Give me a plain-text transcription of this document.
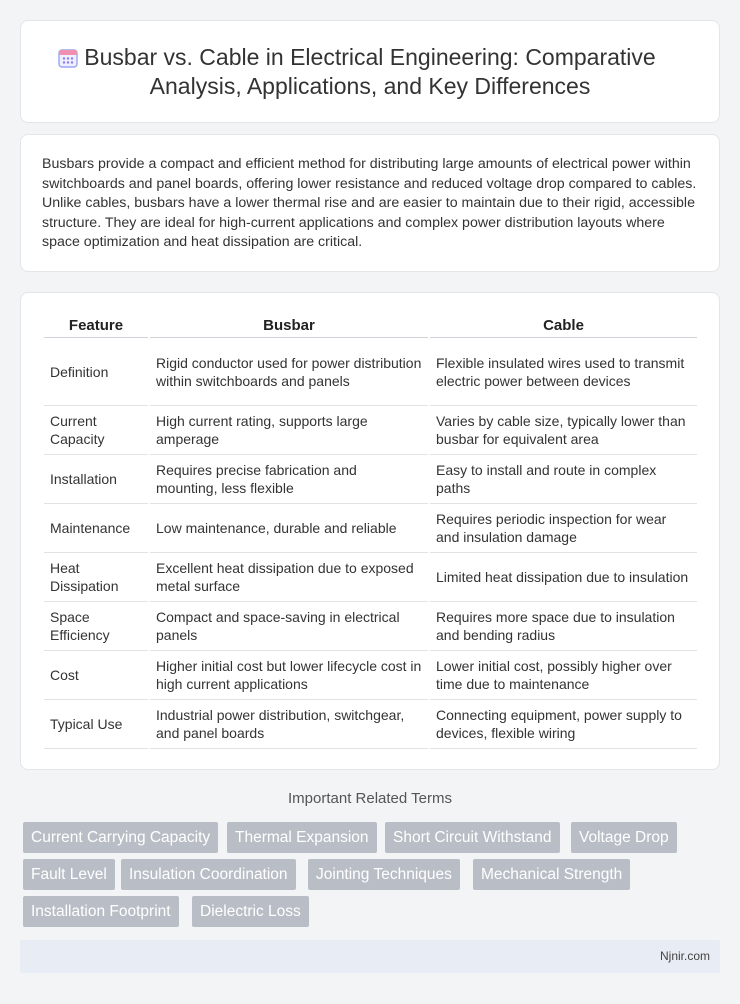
Busbar vs. Cable in Electrical Engineering: Comparative Analysis, Applications, and Key Differences

Busbars provide a compact and efficient method for distributing large amounts of electrical power within switchboards and panel boards, offering lower resistance and reduced voltage drop compared to cables. Unlike cables, busbars have a lower thermal rise and are easier to maintain due to their rigid, accessible structure. They are ideal for high-current applications and complex power distribution layouts where space optimization and heat dissipation are critical.

Feature	Busbar	Cable
Definition	Rigid conductor used for power distribution within switchboards and panels	Flexible insulated wires used to transmit electric power between devices
Current Capacity	High current rating, supports large amperage	Varies by cable size, typically lower than busbar for equivalent area
Installation	Requires precise fabrication and mounting, less flexible	Easy to install and route in complex paths
Maintenance	Low maintenance, durable and reliable	Requires periodic inspection for wear and insulation damage
Heat Dissipation	Excellent heat dissipation due to exposed metal surface	Limited heat dissipation due to insulation
Space Efficiency	Compact and space-saving in electrical panels	Requires more space due to insulation and bending radius
Cost	Higher initial cost but lower lifecycle cost in high current applications	Lower initial cost, possibly higher over time due to maintenance
Typical Use	Industrial power distribution, switchgear, and panel boards	Connecting equipment, power supply to devices, flexible wiring
Important Related Terms
Current Carrying Capacity	Thermal Expansion	Short Circuit Withstand	Voltage Drop
Fault Level	Insulation Coordination	Jointing Techniques	Mechanical Strength
Installation Footprint	Dielectric Loss
Njnir.com
